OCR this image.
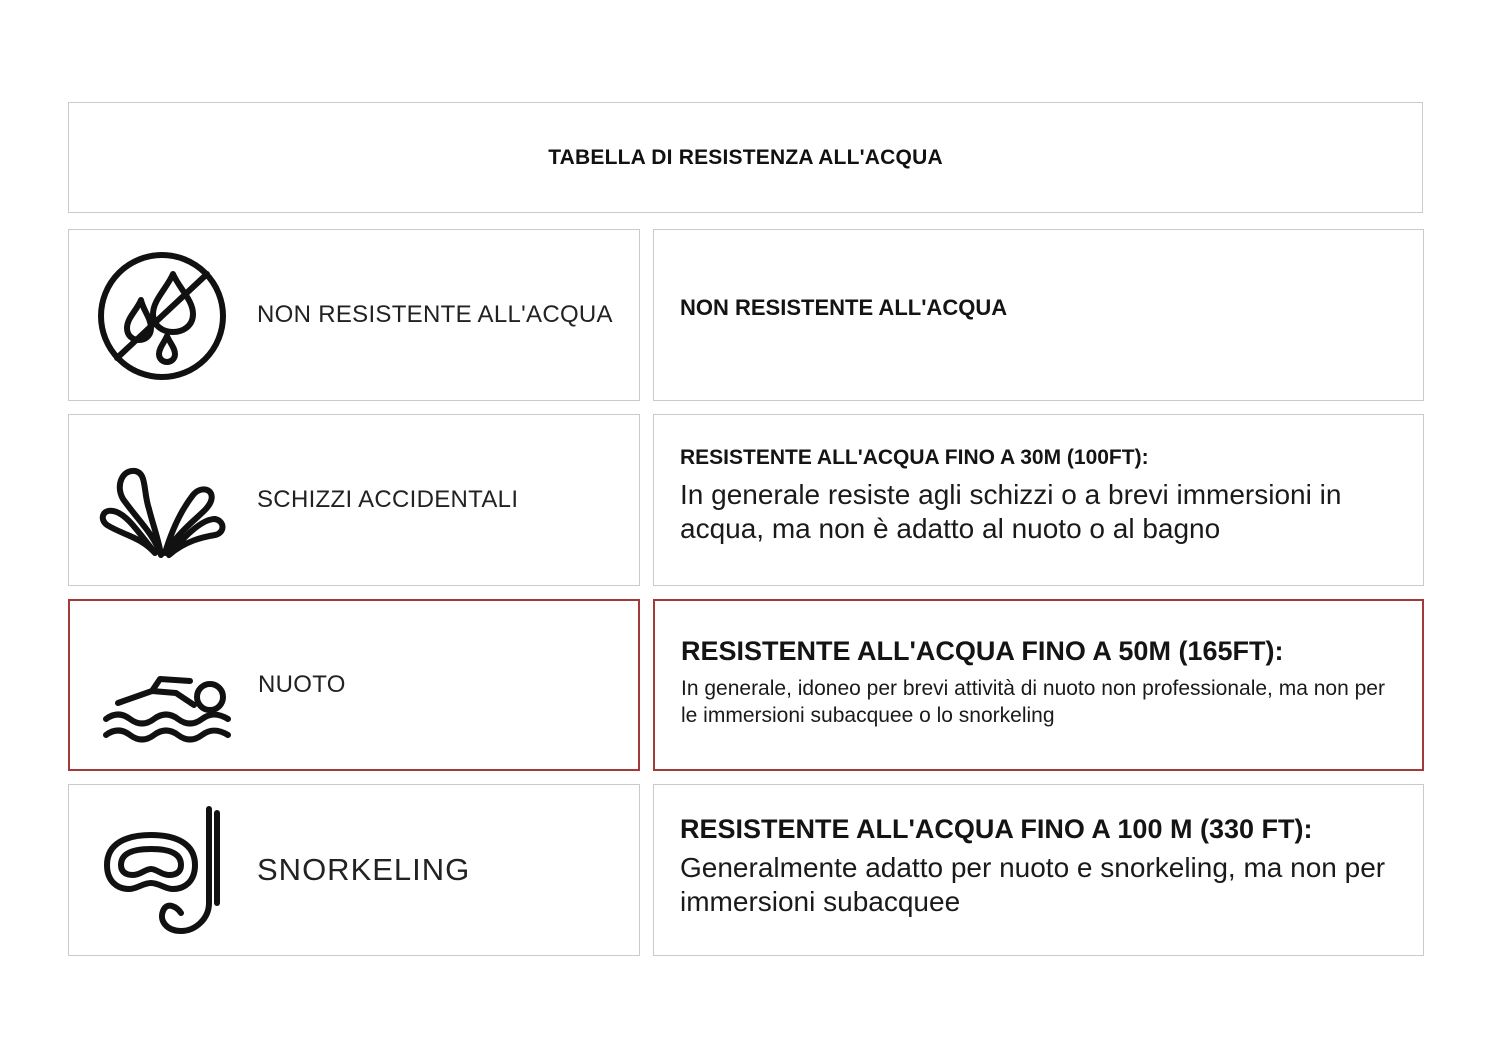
TABELLA DI RESISTENZA ALL'ACQUA
NON RESISTENTE ALL'ACQUA	NON RESISTENTE ALL'ACQUA
SCHIZZI ACCIDENTALI
RESISTENTE ALL'ACQUA FINO A 30M (100FT):
In generale resiste agli schizzi o a brevi immersioni in acqua, ma non è adatto al nuoto o al bagno
NUOTO
RESISTENTE ALL'ACQUA FINO A 50M (165FT):
In generale, idoneo per brevi attività di nuoto non professionale, ma non per le immersioni subacquee o lo snorkeling
SNORKELING
RESISTENTE ALL'ACQUA FINO A 100 M (330 FT):
Generalmente adatto per nuoto e snorkeling, ma non per immersioni subacquee
